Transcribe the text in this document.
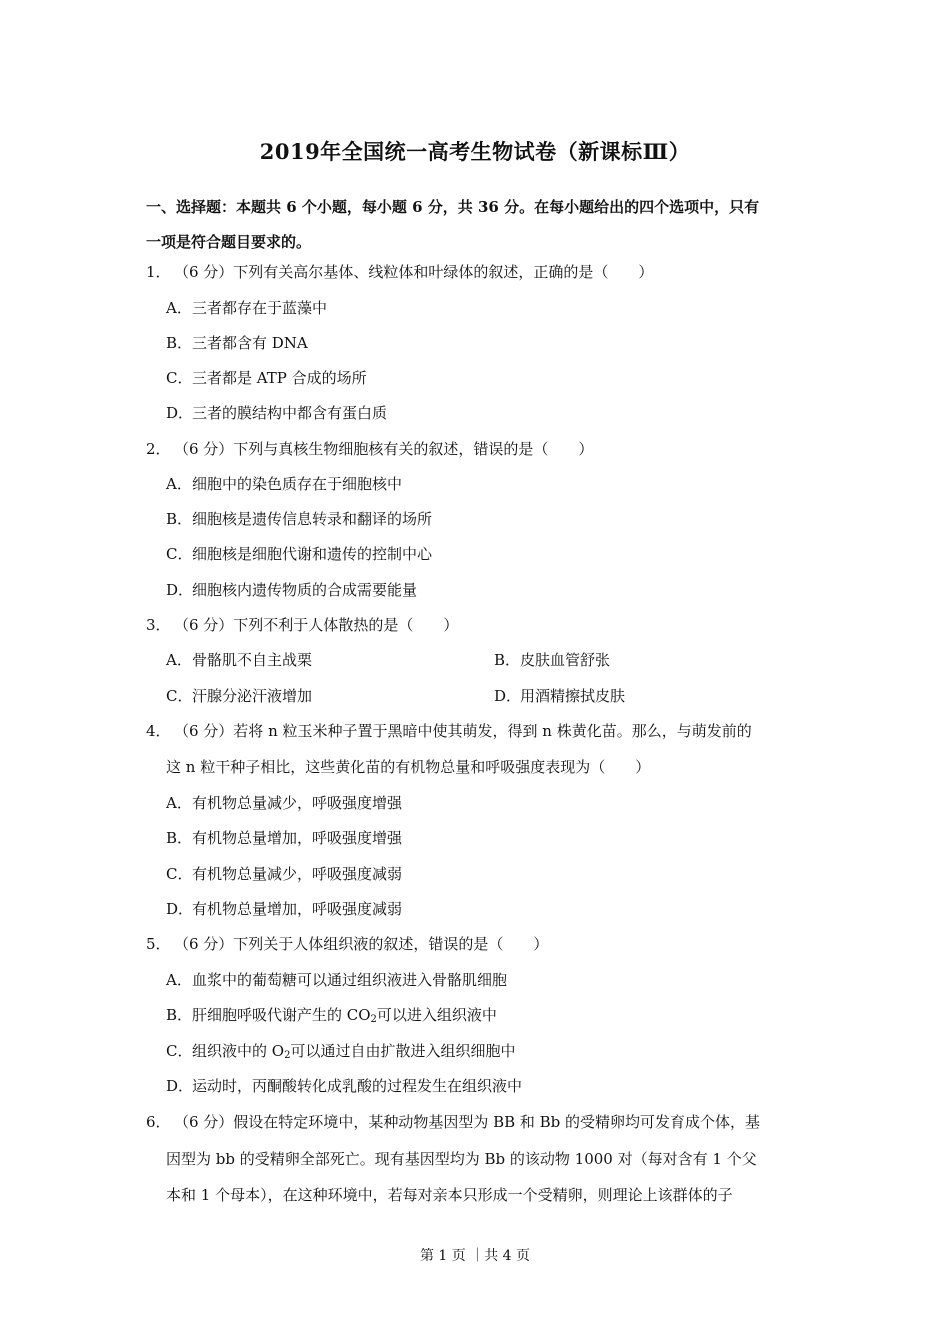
2019年全国统一高考生物试卷（新课标Ⅲ）
一、选择题：本题共 6 个小题，每小题 6 分，共 36 分。在每小题给出的四个选项中，只有
一项是符合题目要求的。
1． （6 分）下列有关高尔基体、线粒体和叶绿体的叙述，正确的是（　　）
A．三者都存在于蓝藻中
B．三者都含有 DNA
C．三者都是 ATP 合成的场所
D．三者的膜结构中都含有蛋白质
2． （6 分）下列与真核生物细胞核有关的叙述，错误的是（　　）
A．细胞中的染色质存在于细胞核中
B．细胞核是遗传信息转录和翻译的场所
C．细胞核是细胞代谢和遗传的控制中心
D．细胞核内遗传物质的合成需要能量
3． （6 分）下列不利于人体散热的是（　　）
A．骨骼肌不自主战栗	B．皮肤血管舒张
C．汗腺分泌汗液增加	D．用酒精擦拭皮肤
4． （6 分）若将 n 粒玉米种子置于黑暗中使其萌发，得到 n 株黄化苗。那么，与萌发前的
这 n 粒干种子相比，这些黄化苗的有机物总量和呼吸强度表现为（　　）
A．有机物总量减少，呼吸强度增强
B．有机物总量增加，呼吸强度增强
C．有机物总量减少，呼吸强度减弱
D．有机物总量增加，呼吸强度减弱
5． （6 分）下列关于人体组织液的叙述，错误的是（　　）
A．血浆中的葡萄糖可以通过组织液进入骨骼肌细胞
B．肝细胞呼吸代谢产生的 $CO_2$可以进入组织液中
C．组织液中的 $O_2$可以通过自由扩散进入组织细胞中
D．运动时，丙酮酸转化成乳酸的过程发生在组织液中
6． （6 分）假设在特定环境中，某种动物基因型为 BB 和 Bb 的受精卵均可发育成个体，基
因型为 bb 的受精卵全部死亡。现有基因型均为 Bb 的该动物 1000 对（每对含有 1 个父
本和 1 个母本），在这种环境中，若每对亲本只形成一个受精卵，则理论上该群体的子
第 1 页 ｜共 4 页
